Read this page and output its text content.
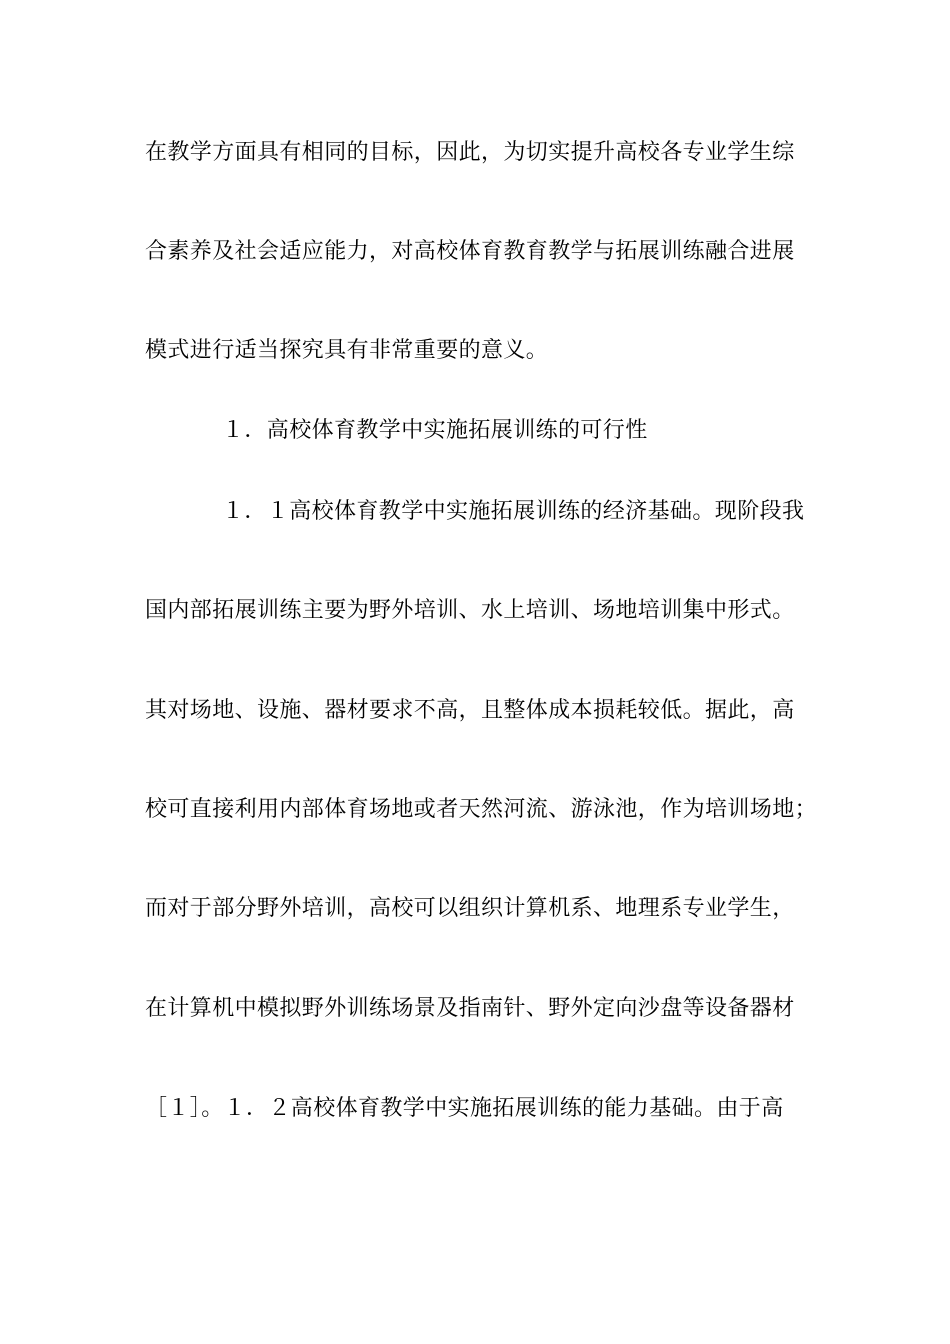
在教学方面具有相同的目标，因此，为切实提升高校各专业学生综
合素养及社会适应能力，对高校体育教育教学与拓展训练融合进展
模式进行适当探究具有非常重要的意义。
１．高校体育教学中实施拓展训练的可行性
１．１高校体育教学中实施拓展训练的经济基础。现阶段我
国内部拓展训练主要为野外培训、水上培训、场地培训集中形式。
其对场地、设施、器材要求不高，且整体成本损耗较低。据此，高
校可直接利用内部体育场地或者天然河流、游泳池，作为培训场地；
而对于部分野外培训，高校可以组织计算机系、地理系专业学生，
在计算机中模拟野外训练场景及指南针、野外定向沙盘等设备器材
［１］。１．２高校体育教学中实施拓展训练的能力基础。由于高
